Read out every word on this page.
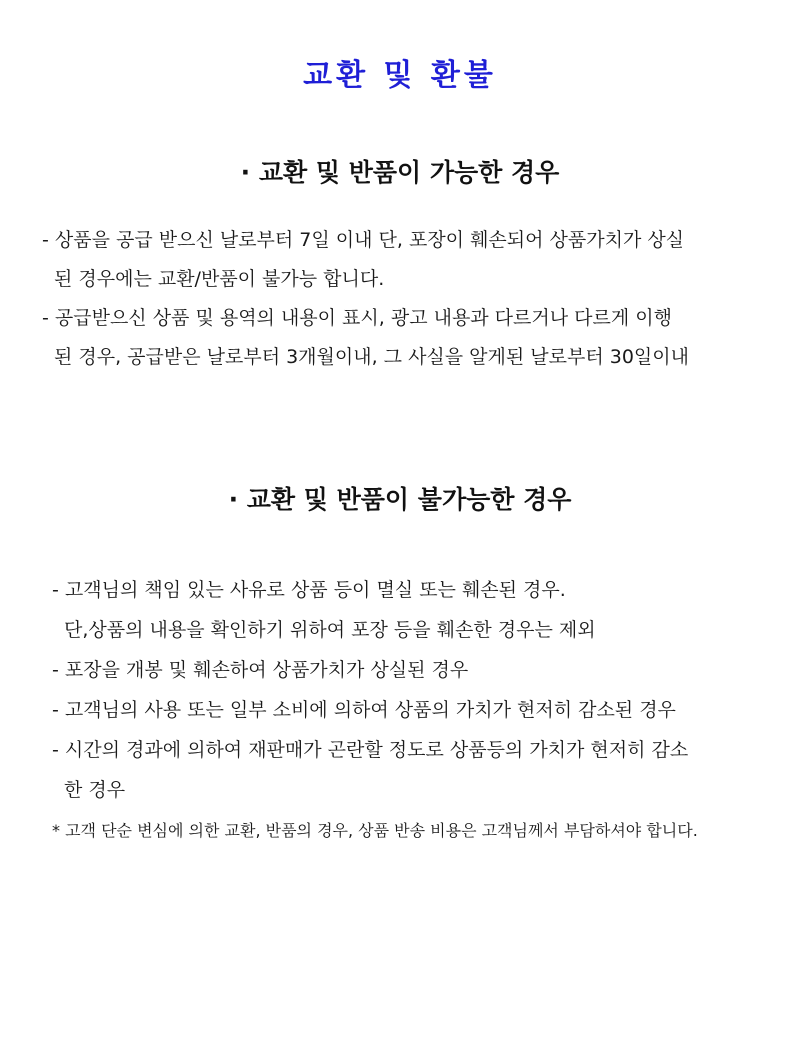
교환 및 환불
· 교환 및 반품이 가능한 경우
- 상품을 공급 받으신 날로부터 7일 이내 단, 포장이 훼손되어 상품가치가 상실
된 경우에는 교환/반품이 불가능 합니다.
- 공급받으신 상품 및 용역의 내용이 표시, 광고 내용과 다르거나 다르게 이행
된 경우, 공급받은 날로부터 3개월이내, 그 사실을 알게된 날로부터 30일이내
· 교환 및 반품이 불가능한 경우
- 고객님의 책임 있는 사유로 상품 등이 멸실 또는 훼손된 경우.
단,상품의 내용을 확인하기 위하여 포장 등을 훼손한 경우는 제외
- 포장을 개봉 및 훼손하여 상품가치가 상실된 경우
- 고객님의 사용 또는 일부 소비에 의하여 상품의 가치가 현저히 감소된 경우
- 시간의 경과에 의하여 재판매가 곤란할 정도로 상품등의 가치가 현저히 감소
한 경우
* 고객 단순 변심에 의한 교환, 반품의 경우, 상품 반송 비용은 고객님께서 부담하셔야 합니다.
